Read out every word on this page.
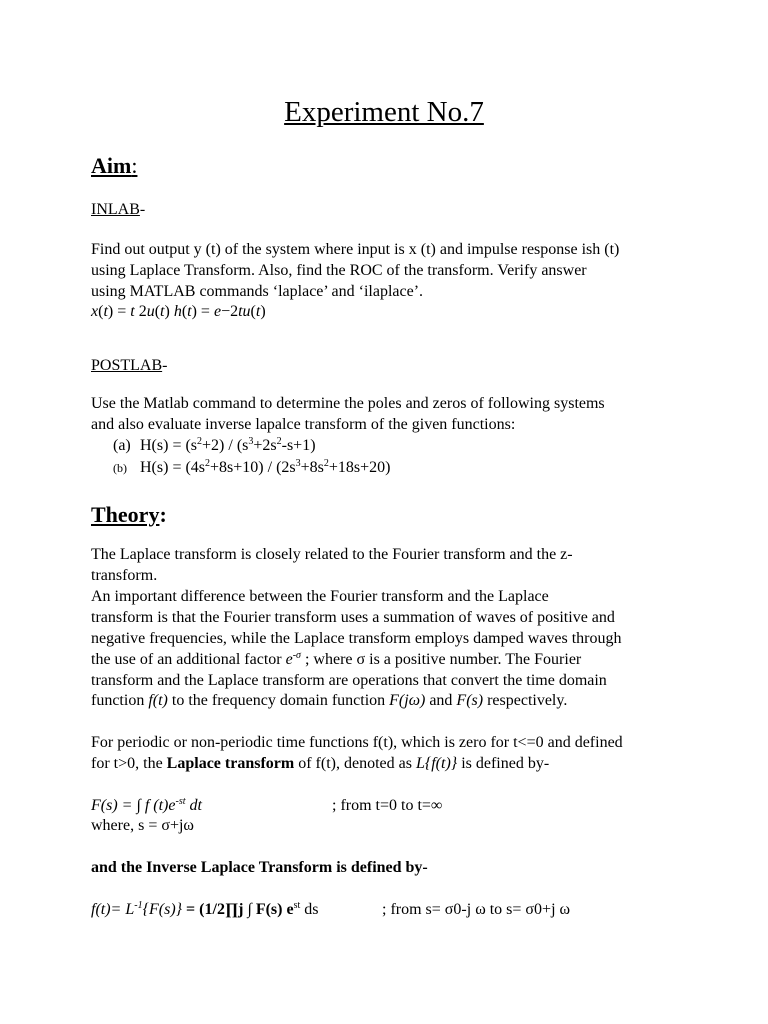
Experiment No.7
Aim:
INLAB-
Find out output y (t) of the system where input is x (t) and impulse response ish (t)
using Laplace Transform. Also, find the ROC of the transform. Verify answer
using MATLAB commands ‘laplace’ and ‘ilaplace’.
x(t) = t 2u(t) h(t) = e−2tu(t)
POSTLAB-
Use the Matlab command to determine the poles and zeros of following systems
and also evaluate inverse lapalce transform of the given functions:
(a) $H(s) = (s^2+2) / (s^3+2s^2-s+1)$
(b) $H(s) = (4s^2+8s+10) / (2s^3+8s^2+18s+20)$
Theory:
The Laplace transform is closely related to the Fourier transform and the z-
transform.
An important difference between the Fourier transform and the Laplace
transform is that the Fourier transform uses a summation of waves of positive and
negative frequencies, while the Laplace transform employs damped waves through
the use of an additional factor $e^{-\sigma}$ ; where σ is a positive number. The Fourier
transform and the Laplace transform are operations that convert the time domain
function f(t) to the frequency domain function F(jω) and F(s) respectively.
For periodic or non-periodic time functions f(t), which is zero for t<=0 and defined
for t>0, the Laplace transform of f(t), denoted as L{f(t)} is defined by-
F(s) = ∫ f $(t)e^{-st}$ dt	; from t=0 to t=∞
where, s = σ+jω
and the Inverse Laplace Transform is defined by-
$f(t)= L^{-1}\{F(s)\}$ = (1/2∏j ∫ F(s) $e^{st}$ ds	; from s= σ0-j ω to s= σ0+j ω
